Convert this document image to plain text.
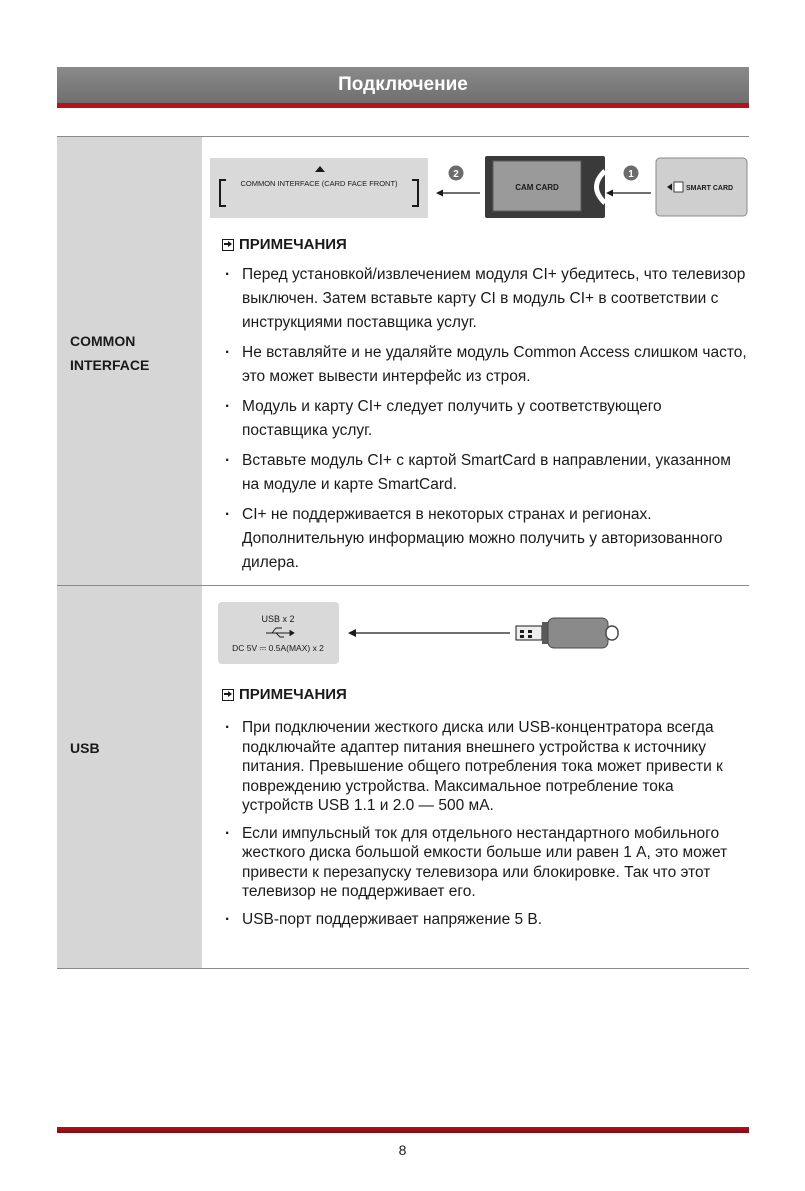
Подключение
COMMON
INTERFACE
COMMON INTERFACE (CARD FACE FRONT)
2
CAM CARD
1
SMART CARD
ПРИМЕЧАНИЯ
· Перед установкой/извлечением модуля CI+ убедитесь, что телевизор выключен. Затем вставьте карту CI в модуль CI+ в соответствии с инструкциями поставщика услуг.
· Не вставляйте и не удаляйте модуль Common Access слишком часто, это может вывести интерфейс из строя.
· Модуль и карту CI+ следует получить у соответствующего поставщика услуг.
· Вставьте модуль CI+ с картой SmartCard в направлении, указанном на модуле и карте SmartCard.
· CI+ не поддерживается в некоторых странах и регионах. Дополнительную информацию можно получить у авторизованного дилера.
USB
USB x 2
DC 5V ⎓ 0.5A(MAX) x 2
ПРИМЕЧАНИЯ
· При подключении жесткого диска или USB-концентратора всегда подключайте адаптер питания внешнего устройства к источнику питания. Превышение общего потребления тока может привести к повреждению устройства. Максимальное потребление тока устройств USB 1.1 и 2.0 — 500 мА.
· Если импульсный ток для отдельного нестандартного мобильного жесткого диска большой емкости больше или равен 1 А, это может привести к перезапуску телевизора или блокировке. Так что этот телевизор не поддерживает его.
· USB-порт поддерживает напряжение 5 В.
8
